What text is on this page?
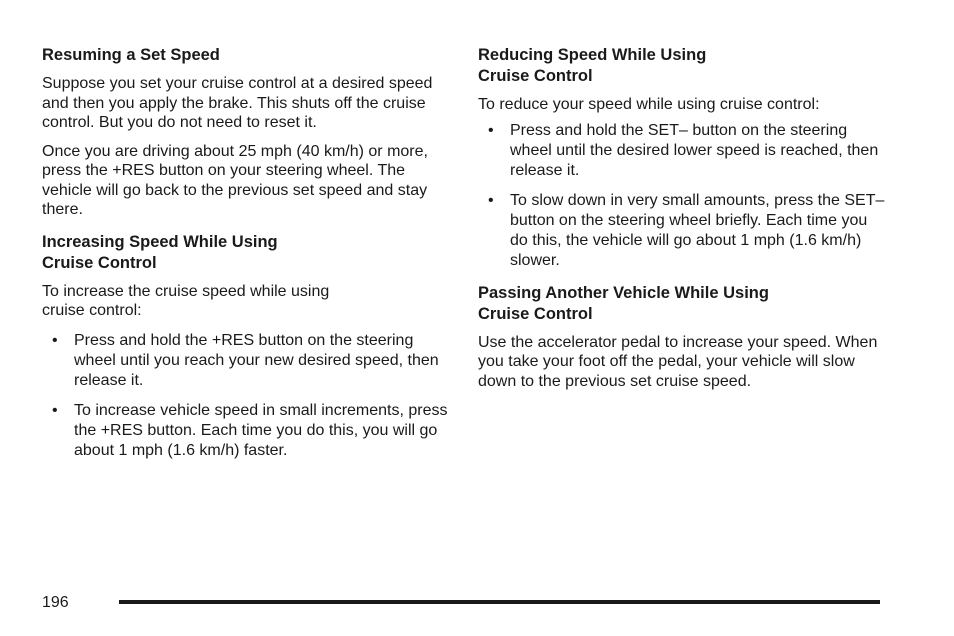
Resuming a Set Speed

Suppose you set your cruise control at a desired speed and then you apply the brake. This shuts off the cruise control. But you do not need to reset it.

Once you are driving about 25 mph (40 km/h) or more, press the +RES button on your steering wheel. The vehicle will go back to the previous set speed and stay there.

Increasing Speed While Using
Cruise Control

To increase the cruise speed while using
cruise control:

• Press and hold the +RES button on the steering wheel until you reach your new desired speed, then release it.
• To increase vehicle speed in small increments, press the +RES button. Each time you do this, you will go about 1 mph (1.6 km/h) faster.
Reducing Speed While Using
Cruise Control

To reduce your speed while using cruise control:

• Press and hold the SET– button on the steering wheel until the desired lower speed is reached, then release it.
• To slow down in very small amounts, press the SET– button on the steering wheel briefly. Each time you do this, the vehicle will go about 1 mph (1.6 km/h) slower.
Passing Another Vehicle While Using
Cruise Control

Use the accelerator pedal to increase your speed. When you take your foot off the pedal, your vehicle will slow down to the previous set cruise speed.

196
